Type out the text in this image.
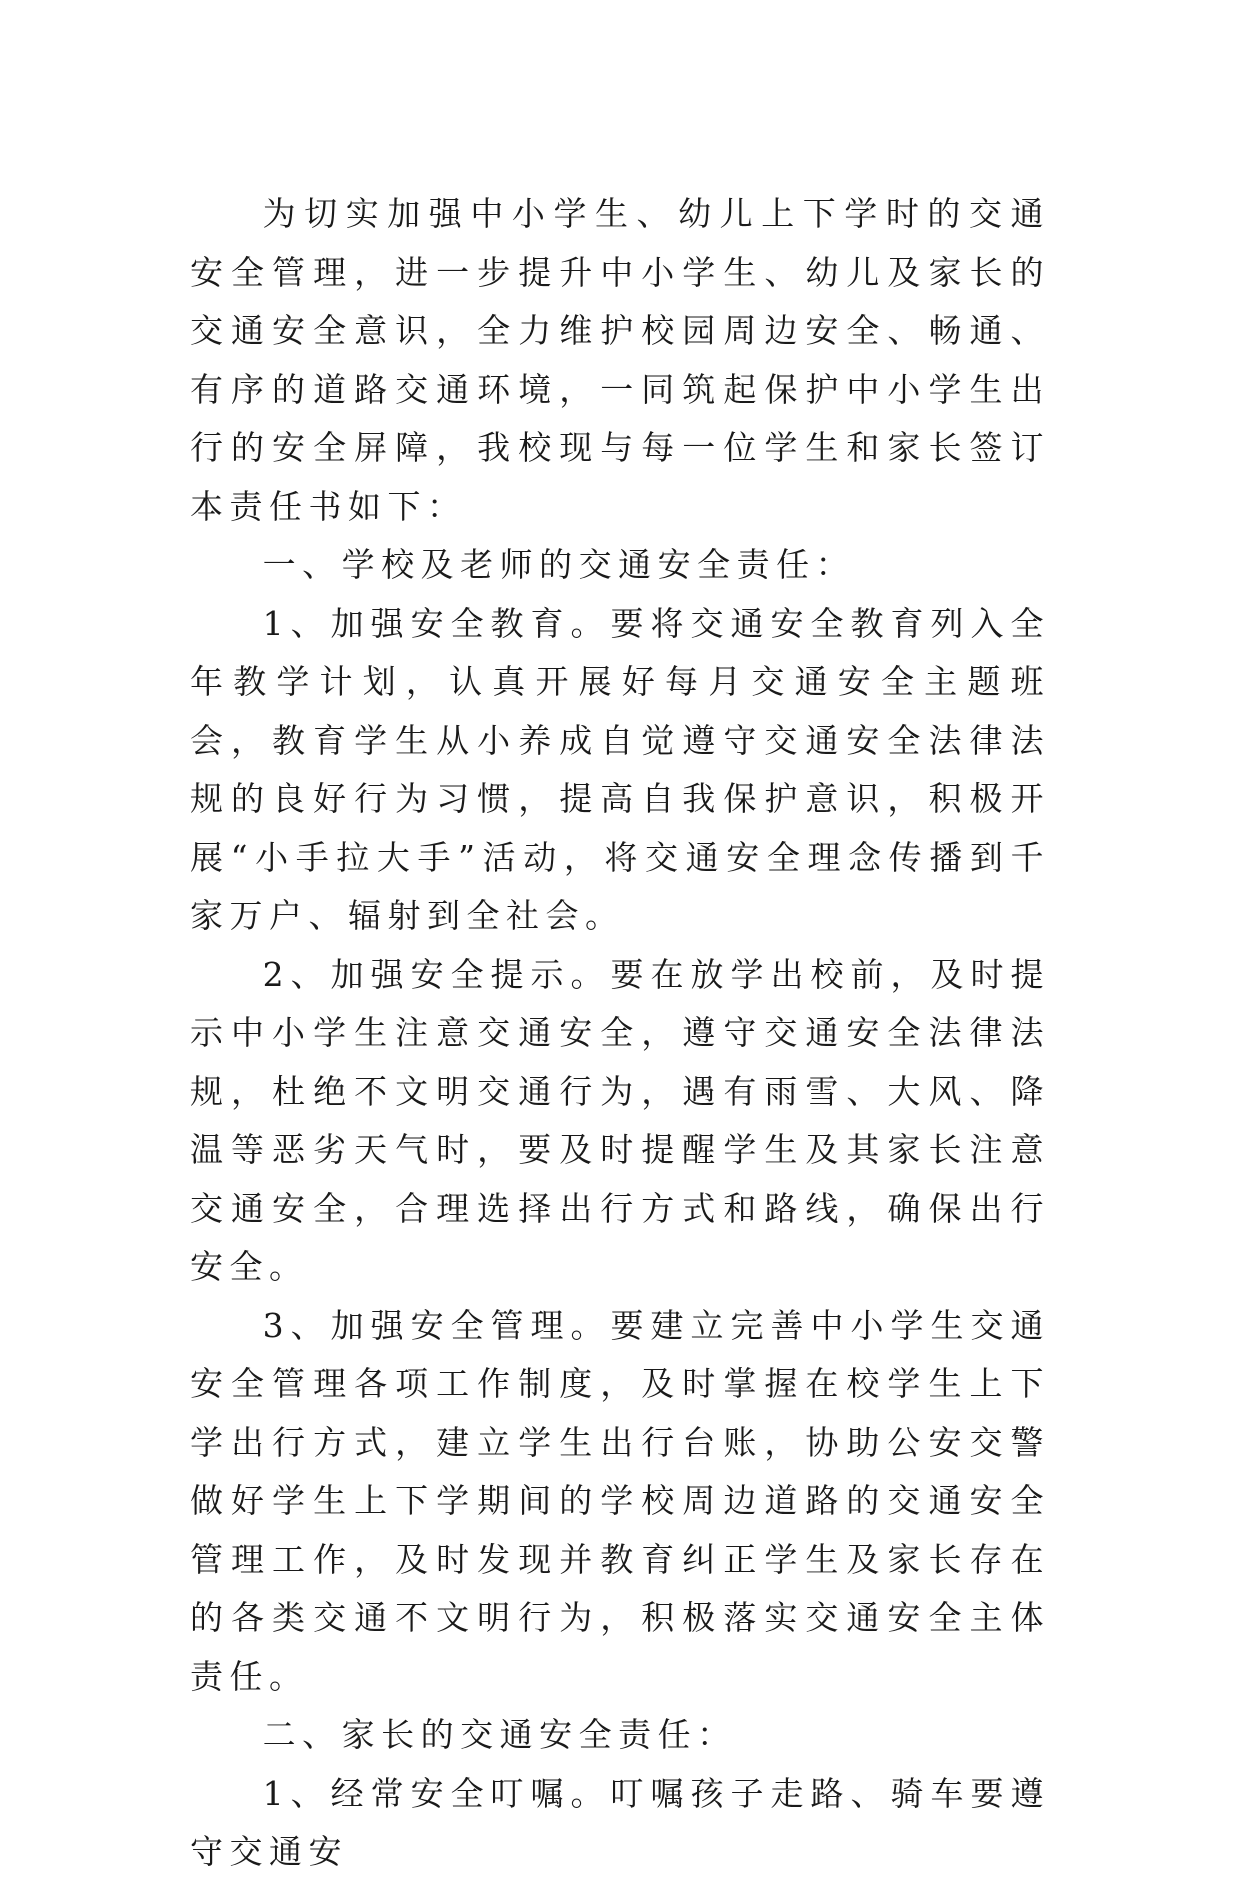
为切实加强中小学生、幼儿上下学时的交通安全管理，进一步提升中小学生、幼儿及家长的交通安全意识，全力维护校园周边安全、畅通、有序的道路交通环境，一同筑起保护中小学生出行的安全屏障，我校现与每一位学生和家长签订本责任书如下：

一、学校及老师的交通安全责任：

1、加强安全教育。要将交通安全教育列入全年教学计划，认真开展好每月交通安全主题班会，教育学生从小养成自觉遵守交通安全法律法规的良好行为习惯，提高自我保护意识，积极开展“小手拉大手”活动，将交通安全理念传播到千家万户、辐射到全社会。

2、加强安全提示。要在放学出校前，及时提示中小学生注意交通安全，遵守交通安全法律法规，杜绝不文明交通行为，遇有雨雪、大风、降温等恶劣天气时，要及时提醒学生及其家长注意交通安全，合理选择出行方式和路线，确保出行安全。

3、加强安全管理。要建立完善中小学生交通安全管理各项工作制度，及时掌握在校学生上下学出行方式，建立学生出行台账，协助公安交警做好学生上下学期间的学校周边道路的交通安全管理工作，及时发现并教育纠正学生及家长存在的各类交通不文明行为，积极落实交通安全主体责任。

二、家长的交通安全责任：

1、经常安全叮嘱。叮嘱孩子走路、骑车要遵守交通安
